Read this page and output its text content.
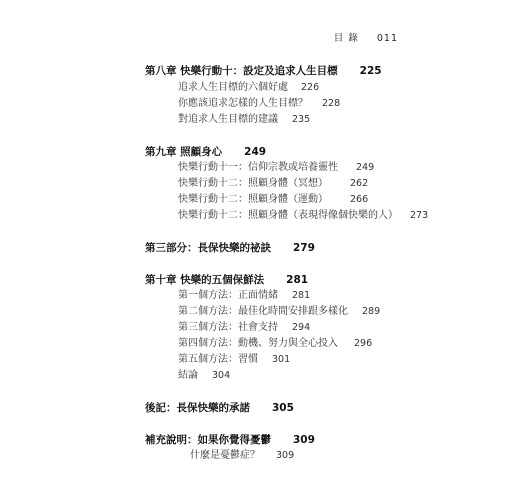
目 錄 011
第八章 快樂行動十：設定及追求人生目標 225
追求人生目標的六個好處 226
你應該追求怎樣的人生目標？ 228
對追求人生目標的建議 235
第九章 照顧身心 249
快樂行動十一：信仰宗教或培養靈性 249
快樂行動十二：照顧身體（冥想） 262
快樂行動十二：照顧身體（運動） 266
快樂行動十二：照顧身體（表現得像個快樂的人） 273
第三部分：長保快樂的祕訣 279
第十章 快樂的五個保鮮法 281
第一個方法：正面情緒 281
第二個方法：最佳化時間安排跟多樣化 289
第三個方法：社會支持 294
第四個方法：動機、努力與全心投入 296
第五個方法：習慣 301
結論 304
後記：長保快樂的承諾 305
補充說明：如果你覺得憂鬱 309
什麼是憂鬱症？ 309
